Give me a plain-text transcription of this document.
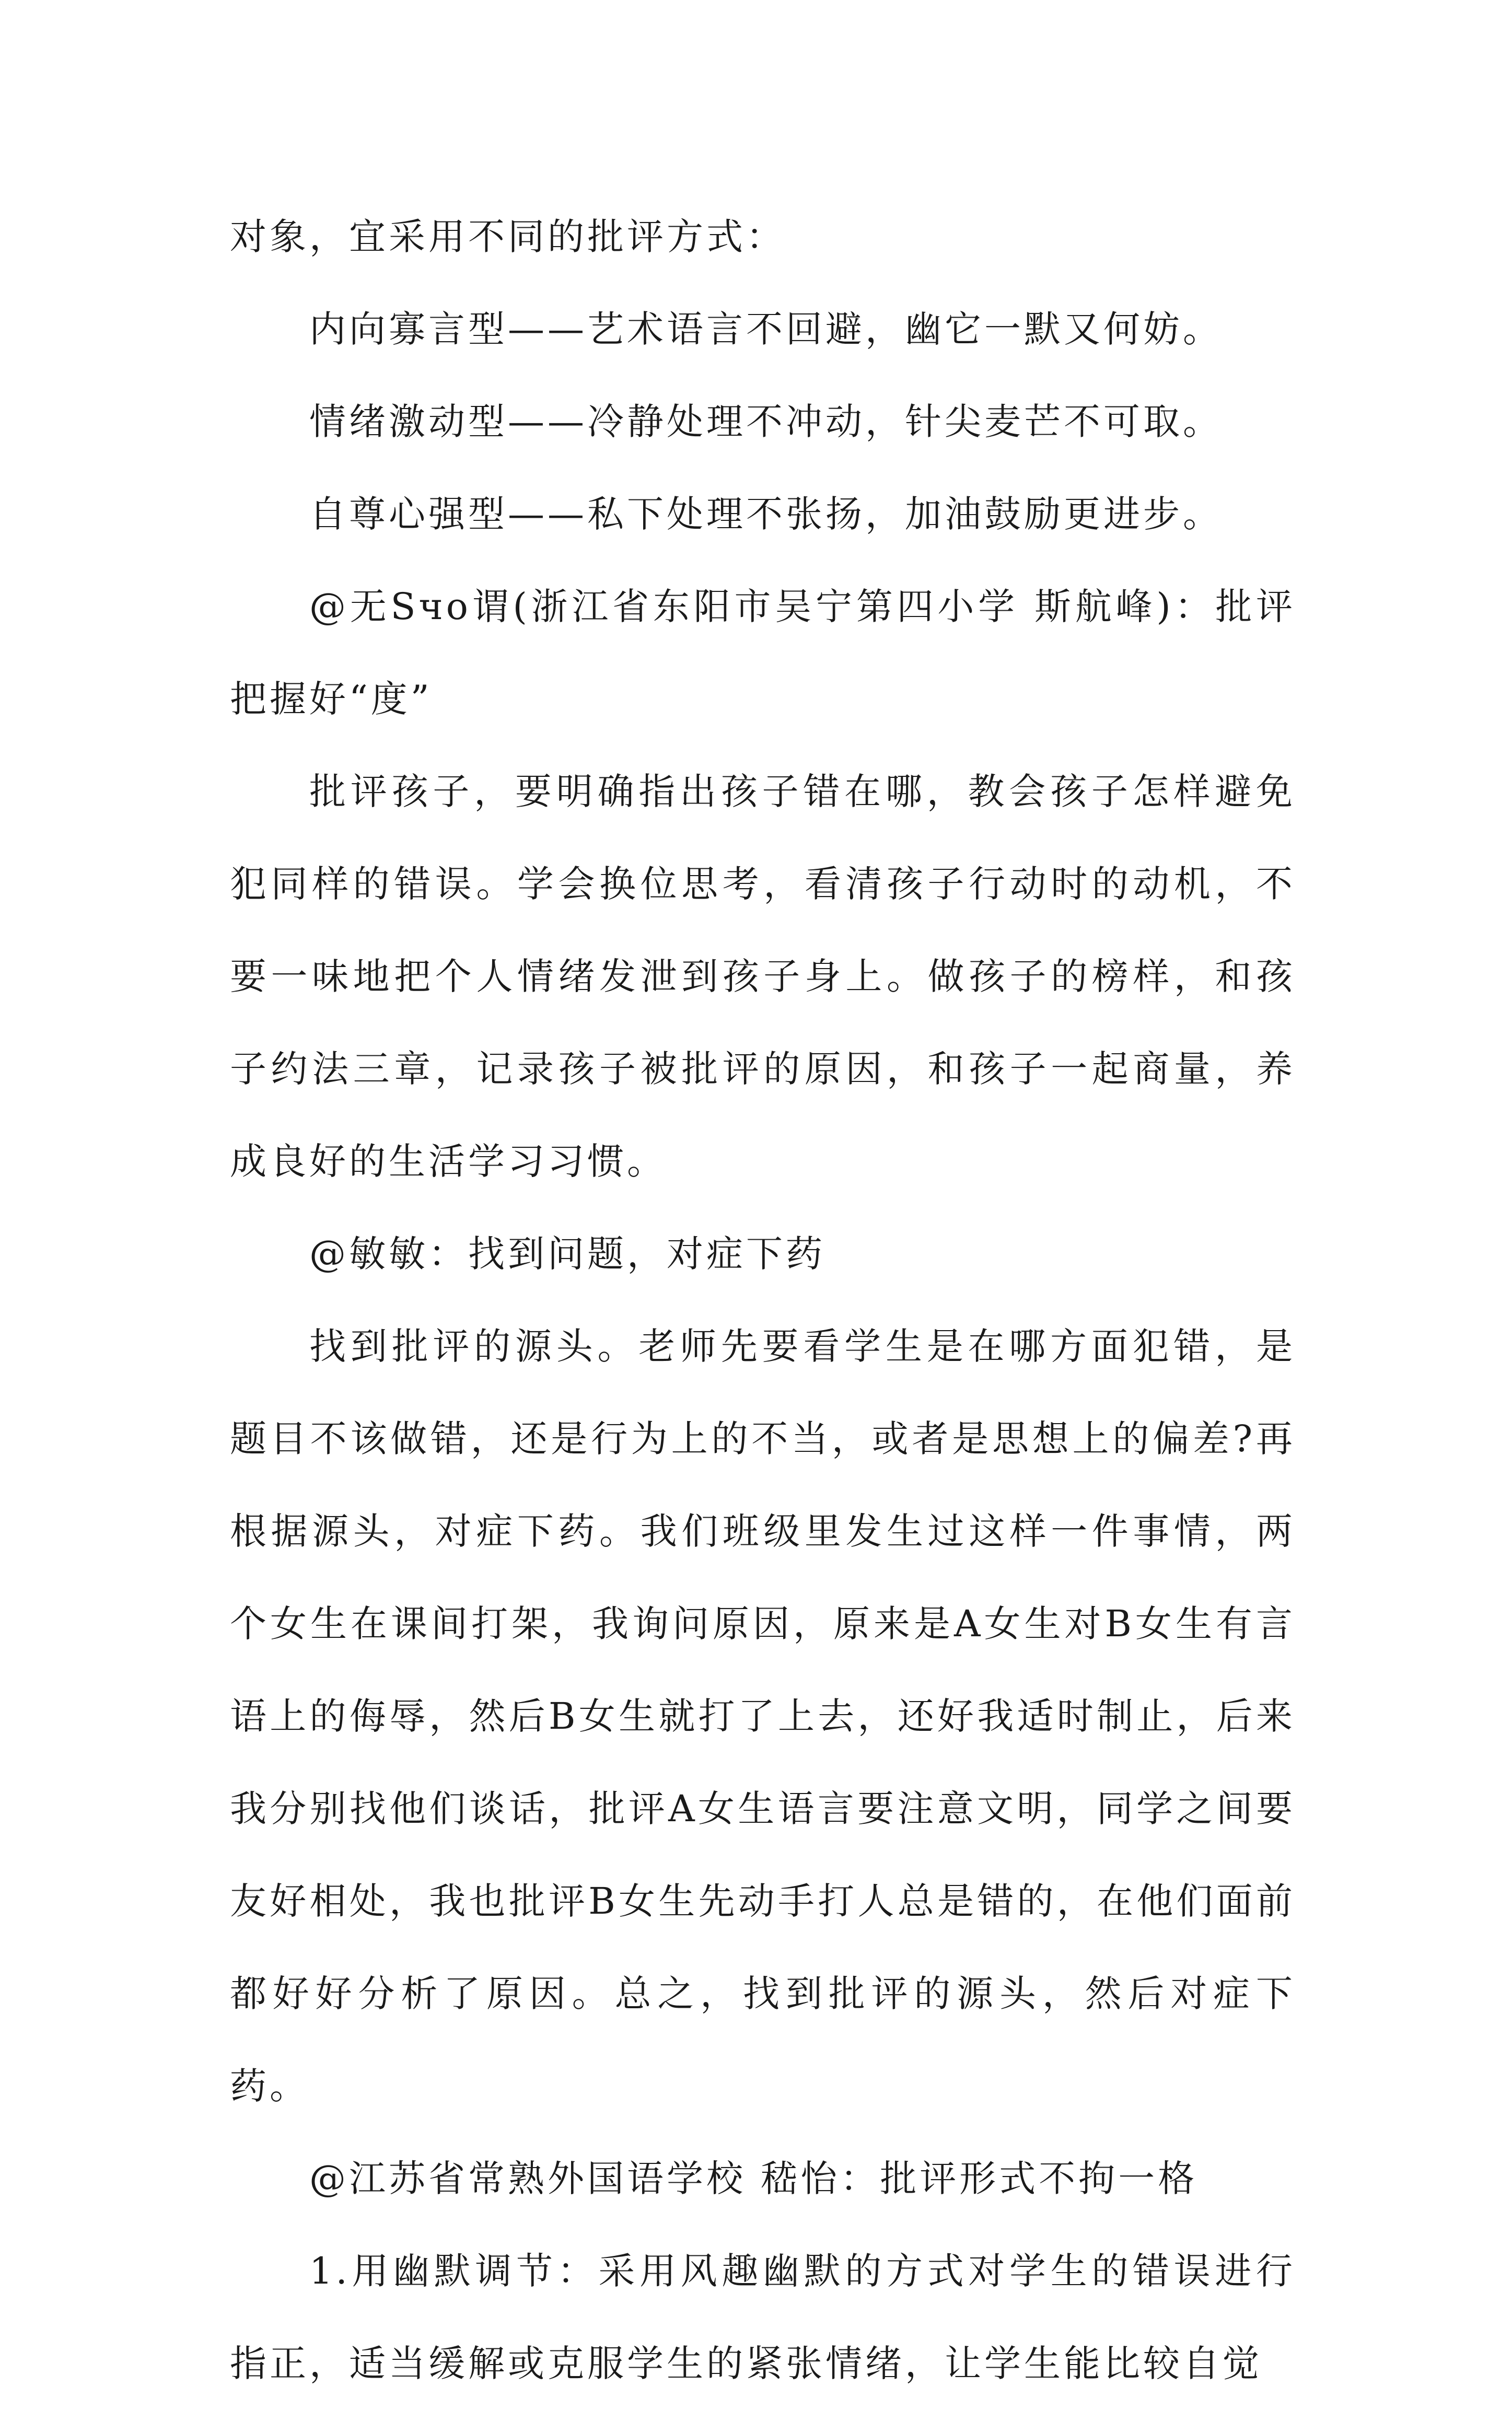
对象，宜采用不同的批评方式：

内向寡言型——艺术语言不回避，幽它一默又何妨。

情绪激动型——冷静处理不冲动，针尖麦芒不可取。

自尊心强型——私下处理不张扬，加油鼓励更进步。

@无Sчo谓(浙江省东阳市吴宁第四小学 斯航峰)：批评把握好“度”

批评孩子，要明确指出孩子错在哪，教会孩子怎样避免犯同样的错误。学会换位思考，看清孩子行动时的动机，不要一味地把个人情绪发泄到孩子身上。做孩子的榜样，和孩子约法三章，记录孩子被批评的原因，和孩子一起商量，养成良好的生活学习习惯。

@敏敏：找到问题，对症下药

找到批评的源头。老师先要看学生是在哪方面犯错，是题目不该做错，还是行为上的不当，或者是思想上的偏差?再根据源头，对症下药。我们班级里发生过这样一件事情，两个女生在课间打架，我询问原因，原来是A女生对B女生有言语上的侮辱，然后B女生就打了上去，还好我适时制止，后来我分别找他们谈话，批评A女生语言要注意文明，同学之间要友好相处，我也批评B女生先动手打人总是错的，在他们面前都好好分析了原因。总之，找到批评的源头，然后对症下药。

@江苏省常熟外国语学校 嵇怡：批评形式不拘一格

1.用幽默调节：采用风趣幽默的方式对学生的错误进行指正，适当缓解或克服学生的紧张情绪，让学生能比较自觉
